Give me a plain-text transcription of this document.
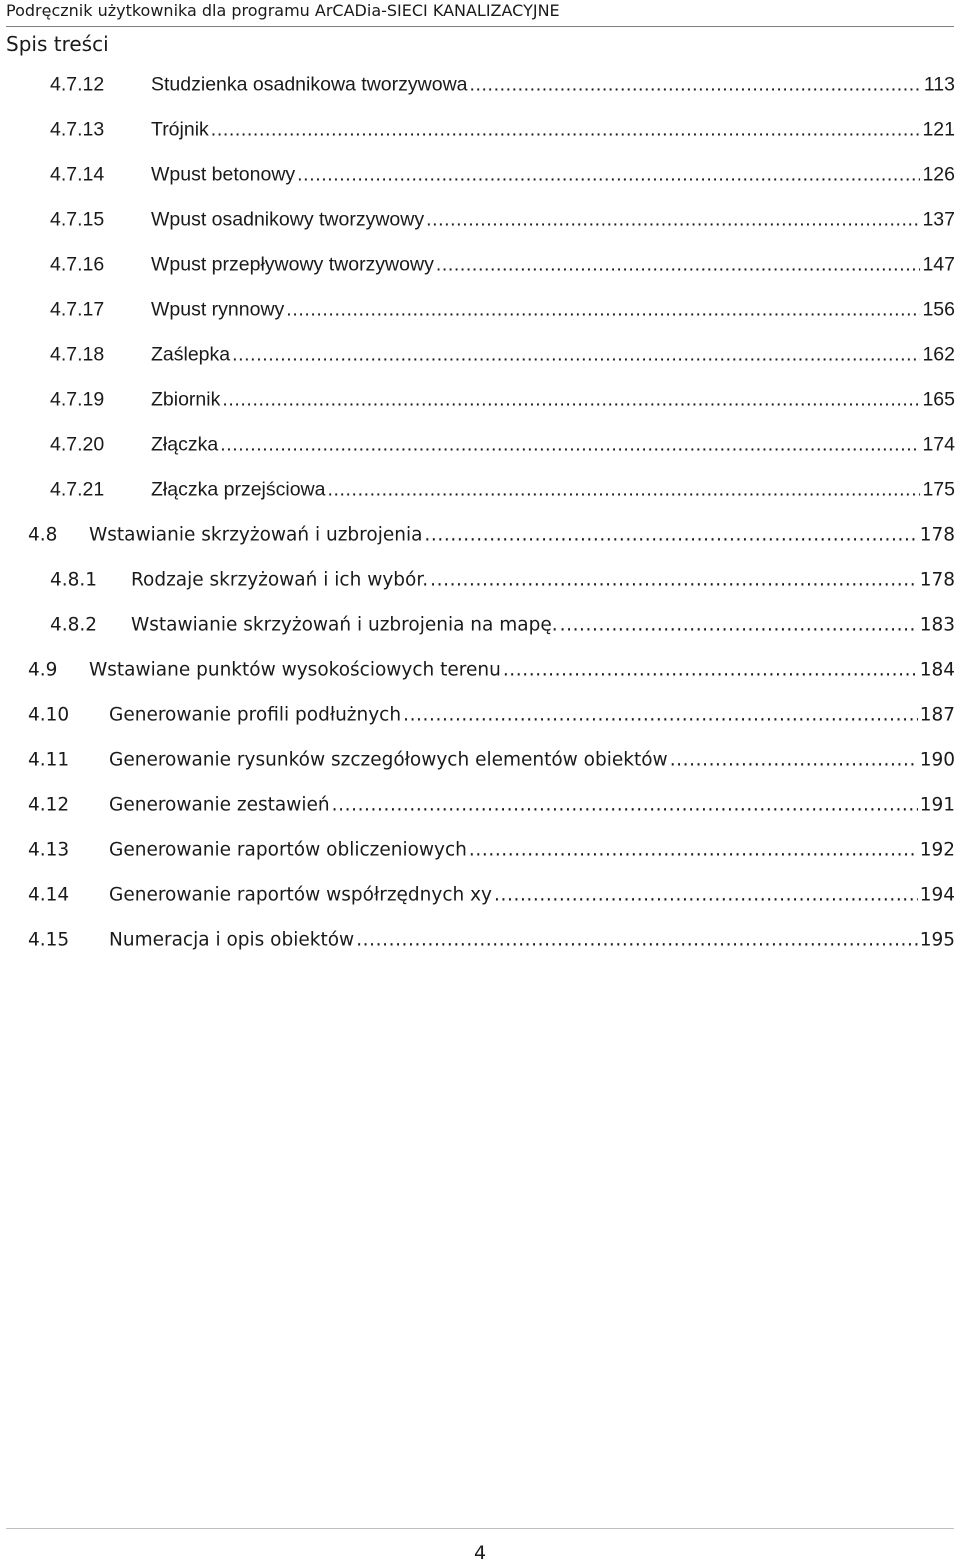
Podręcznik użytkownika dla programu ArCADia-SIECI KANALIZACYJNE
Spis treści
4.7.12 Studzienka osadnikowa tworzywowa .....	113
4.7.13 Trójnik .....	121
4.7.14 Wpust betonowy .....	126
4.7.15 Wpust osadnikowy tworzywowy .....	137
4.7.16 Wpust przepływowy tworzywowy .....	147
4.7.17 Wpust rynnowy .....	156
4.7.18 Zaślepka .....	162
4.7.19 Zbiornik .....	165
4.7.20 Złączka .....	174
4.7.21 Złączka przejściowa .....	175
4.8 Wstawianie skrzyżowań i uzbrojenia .....	178
4.8.1 Rodzaje skrzyżowań i ich wybór. .....	178
4.8.2 Wstawianie skrzyżowań i uzbrojenia na mapę. .....	183
4.9 Wstawiane punktów wysokościowych terenu .....	184
4.10 Generowanie profili podłużnych .....	187
4.11 Generowanie rysunków szczegółowych elementów obiektów .....	190
4.12 Generowanie zestawień .....	191
4.13 Generowanie raportów obliczeniowych .....	192
4.14 Generowanie raportów współrzędnych xy .....	194
4.15 Numeracja i opis obiektów .....	195
4
